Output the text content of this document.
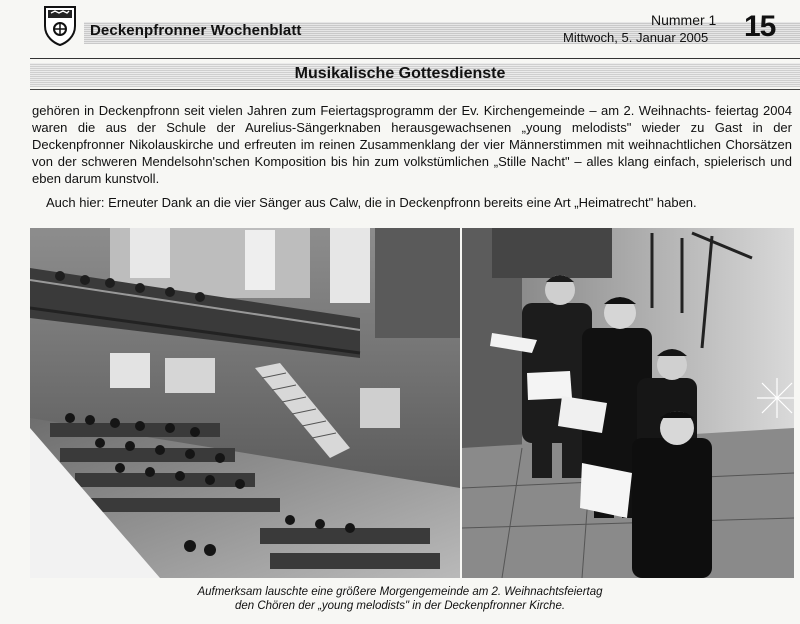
Deckenpfronner Wochenblatt
Nummer 1
Mittwoch, 5. Januar 2005 15
Musikalische Gottesdienste

gehören in Deckenpfronn seit vielen Jahren zum Feiertagsprogramm der Ev. Kirchengemeinde – am 2. Weihnachts- feiertag 2004 waren die aus der Schule der Aurelius-Sängerknaben herausgewachsenen „young melodists" wieder zu Gast in der Deckenpfronner Nikolauskirche und erfreuten im reinen Zusammenklang der vier Männerstimmen mit weihnachtlichen Chorsätzen von der schweren Mendelsohn'schen Komposition bis hin zum volkstümlichen „Stille Nacht" – alles klang einfach, spielerisch und eben darum kunstvoll.

Auch hier: Erneuter Dank an die vier Sänger aus Calw, die in Deckenpfronn bereits eine Art „Heimatrecht" haben.

Aufmerksam lauschte eine größere Morgengemeinde am 2. Weihnachtsfeiertag
den Chören der „young melodists" in der Deckenpfronner Kirche.
